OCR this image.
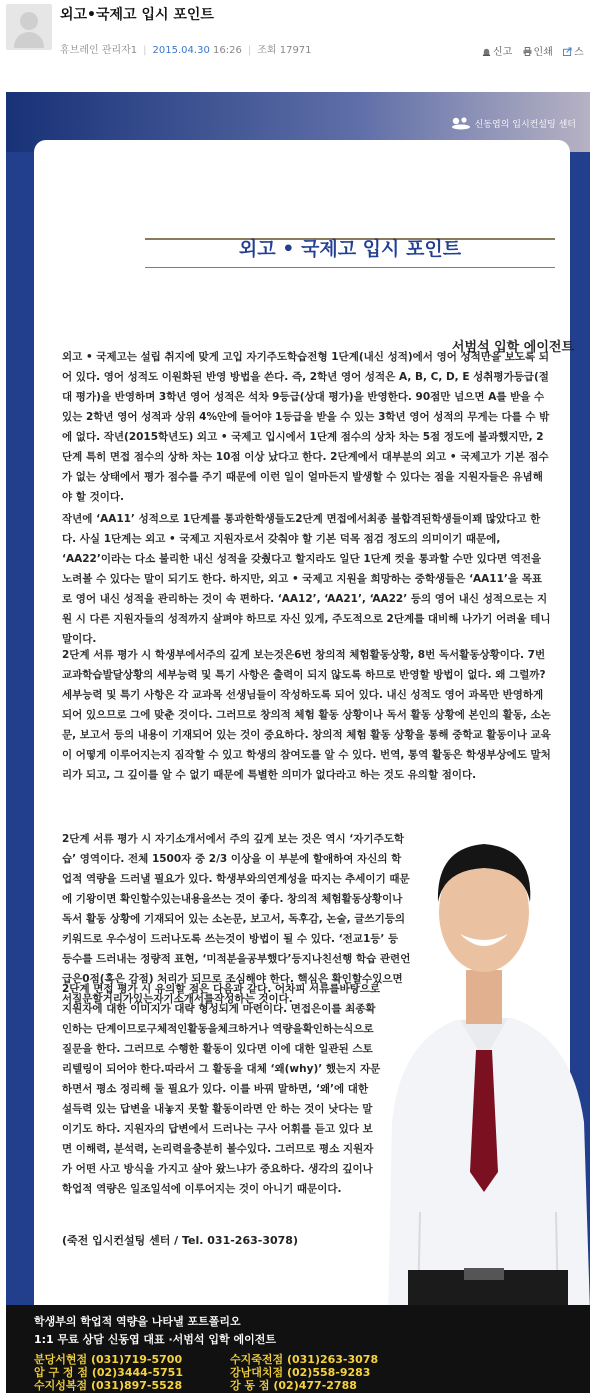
외고•국제고 입시 포인트
휴브레인 관리자1 | 2015.04.30 16:26 | 조회 17971	신고 인쇄 스
신동엽의 입시컨설팅 센터
외고 • 국제고 입시 포인트
서범석 입학 에이전트

외고 • 국제고는 설립 취지에 맞게 고입 자기주도학습전형 1단계(내신 성적)에서 영어 성적만을 보도록 되어 있다. 영어 성적도 이원화된 반영 방법을 쓴다. 즉, 2학년 영어 성적은 A, B, C, D, E 성취평가등급(절대 평가)을 반영하며 3학년 영어 성적은 석차 9등급(상대 평가)을 반영한다. 90점만 넘으면 A를 받을 수 있는 2학년 영어 성적과 상위 4%안에 들어야 1등급을 받을 수 있는 3학년 영어 성적의 무게는 다를 수 밖에 없다. 작년(2015학년도) 외고 • 국제고 입시에서 1단계 점수의 상차 차는 5점 정도에 불과했지만, 2단계 특히 면접 점수의 상하 차는 10점 이상 났다고 한다. 2단계에서 대부분의 외고 • 국제고가 기본 점수가 없는 상태에서 평가 점수를 주기 때문에 이런 일이 얼마든지 발생할 수 있다는 점을 지원자들은 유념해야 할 것이다.

작년에 ‘AA11’ 성적으로 1단계를 통과한학생들도2단계 면접에서최종 불합격된학생들이꽤 많았다고 한다. 사실 1단계는 외고 • 국제고 지원자로서 갖춰야 할 기본 덕목 점검 정도의 의미이기 때문에, ‘AA22’이라는 다소 불리한 내신 성적을 갖췄다고 할지라도 일단 1단계 컷을 통과할 수만 있다면 역전을 노려볼 수 있다는 말이 되기도 한다. 하지만, 외고 • 국제고 지원을 희망하는 중학생들은 ‘AA11’을 목표로 영어 내신 성적을 관리하는 것이 속 편하다. ‘AA12’, ‘AA21’, ‘AA22’ 등의 영어 내신 성적으로는 지원 시 다른 지원자들의 성적까지 살펴야 하므로 자신 있게, 주도적으로 2단계를 대비해 나가기 어려울 테니 말이다.

2단계 서류 평가 시 학생부에서주의 깊게 보는것은6번 창의적 체험활동상황, 8번 독서활동상황이다. 7번 교과학습발달상황의 세부능력 및 특기 사항은 출력이 되지 않도록 하므로 반영할 방법이 없다. 왜 그럴까? 세부능력 및 특기 사항은 각 교과목 선생님들이 작성하도록 되어 있다. 내신 성적도 영어 과목만 반영하게 되어 있으므로 그에 맞춘 것이다. 그러므로 창의적 체험 활동 상황이나 독서 활동 상황에 본인의 활동, 소논문, 보고서 등의 내용이 기재되어 있는 것이 중요하다. 창의적 체험 활동 상황을 통해 중학교 활동이나 교육이 어떻게 이루어지는지 짐작할 수 있고 학생의 참여도를 알 수 있다. 번역, 통역 활동은 학생부상에도 말처리가 되고, 그 깊이를 알 수 없기 때문에 특별한 의미가 없다라고 하는 것도 유의할 점이다.

2단계 서류 평가 시 자기소개서에서 주의 깊게 보는 것은 역시 ‘자기주도학습’ 영역이다. 전체 1500자 중 2/3 이상을 이 부분에 할애하여 자신의 학업적 역량을 드러낼 필요가 있다. 학생부와의연계성을 따지는 추세이기 때문에 기왕이면 확인할수있는내용을쓰는 것이 좋다. 창의적 체험활동상황이나 독서 활동 상황에 기재되어 있는 소논문, 보고서, 독후감, 논술, 글쓰기등의키워드로 우수성이 드러나도록 쓰는것이 방법이 될 수 있다. ‘전교1등’ 등 등수를 드러내는 정량적 표현, ‘미적분을공부했다’등지나친선행 학습 관련언급은0점(혹은 감점) 처리가 되므로 조심해야 한다. 핵심은 확인할수있으면서질문할거리가있는자기소개서를작성하는 것이다.

2단계 면접 평가 시 유의할 점은 다음과 같다. 어차피 서류를바탕으로지원자에 대한 이미지가 대략 형성되게 마련이다. 면접은이를 최종확인하는 단계이므로구체적인활동을체크하거나 역량을확인하는식으로 질문을 한다. 그러므로 수행한 활동이 있다면 이에 대한 일관된 스토리텔링이 되어야 한다.따라서 그 활동을 대체 ‘왜(why)’ 했는지 자문하면서 평소 정리해 둘 필요가 있다. 이를 바꿔 말하면, ‘왜’에 대한 설득력 있는 답변을 내놓지 못할 활동이라면 안 하는 것이 낫다는 말이기도 하다. 지원자의 답변에서 드러나는 구사 어휘를 듣고 있다 보면 이해력, 분석력, 논리력을충분히 볼수있다. 그러므로 평소 지원자가 어떤 사고 방식을 가지고 살아 왔느냐가 중요하다. 생각의 깊이나 학업적 역량은 일조일석에 이루어지는 것이 아니기 때문이다.

(죽전 입시컨설팅 센터 / Tel. 031-263-3078)
학생부의 학업적 역량을 나타낼 포트폴리오
1:1 무료 상담 신동엽 대표 ·서범석 입학 에이전트
분당서현점 (031)719-5700	수지죽전점 (031)263-3078
압 구 정 점 (02)3444-5751	강남대치점 (02)558-9283
수지성복점 (031)897-5528	강 동 점 (02)477-2788
